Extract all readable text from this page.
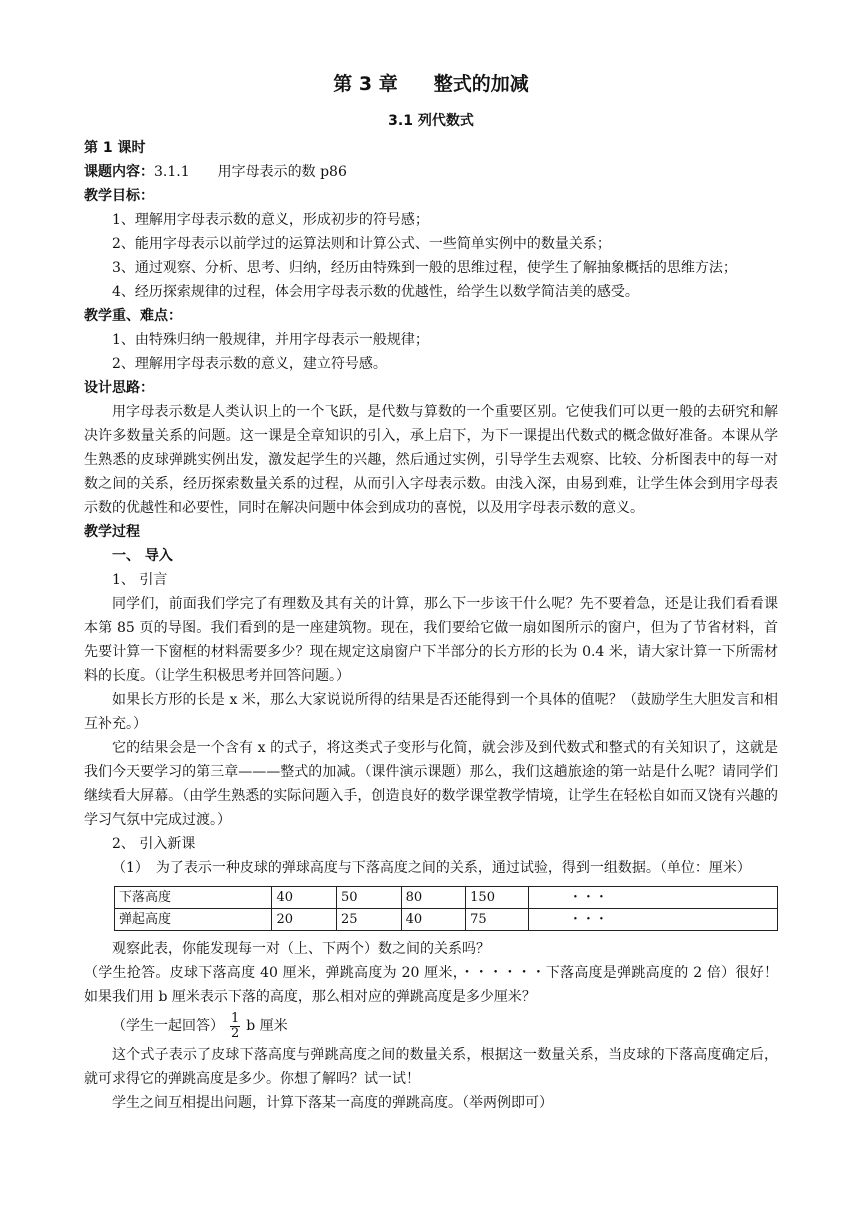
第 3 章 整式的加减
3.1 列代数式
第 1 课时
课题内容：3.1.1　　用字母表示的数 p86
教学目标：
1、理解用字母表示数的意义，形成初步的符号感；
2、能用字母表示以前学过的运算法则和计算公式、一些简单实例中的数量关系；
3、通过观察、分析、思考、归纳，经历由特殊到一般的思维过程，使学生了解抽象概括的思维方法；
4、经历探索规律的过程，体会用字母表示数的优越性，给学生以数学简洁美的感受。
教学重、难点：
1、由特殊归纳一般规律，并用字母表示一般规律；
2、理解用字母表示数的意义，建立符号感。
设计思路：

用字母表示数是人类认识上的一个飞跃，是代数与算数的一个重要区别。它使我们可以更一般的去研究和解决许多数量关系的问题。这一课是全章知识的引入，承上启下，为下一课提出代数式的概念做好准备。本课从学生熟悉的皮球弹跳实例出发，激发起学生的兴趣，然后通过实例，引导学生去观察、比较、分析图表中的每一对数之间的关系，经历探索数量关系的过程，从而引入字母表示数。由浅入深，由易到难，让学生体会到用字母表示数的优越性和必要性，同时在解决问题中体会到成功的喜悦，以及用字母表示数的意义。

教学过程
一、 导入
1、 引言

同学们，前面我们学完了有理数及其有关的计算，那么下一步该干什么呢？先不要着急，还是让我们看看课本第 85 页的导图。我们看到的是一座建筑物。现在，我们要给它做一扇如图所示的窗户，但为了节省材料，首先要计算一下窗框的材料需要多少？现在规定这扇窗户下半部分的长方形的长为 0.4 米，请大家计算一下所需材料的长度。（让学生积极思考并回答问题。）

如果长方形的长是 x 米，那么大家说说所得的结果是否还能得到一个具体的值呢？（鼓励学生大胆发言和相互补充。）

它的结果会是一个含有 x 的式子，将这类式子变形与化简，就会涉及到代数式和整式的有关知识了，这就是我们今天要学习的第三章———整式的加减。（课件演示课题）那么，我们这趟旅途的第一站是什么呢？请同学们继续看大屏幕。（由学生熟悉的实际问题入手，创造良好的数学课堂教学情境，让学生在轻松自如而又饶有兴趣的学习气氛中完成过渡。）

2、 引入新课

（1）　为了表示一种皮球的弹球高度与下落高度之间的关系，通过试验，得到一组数据。（单位：厘米）

下落高度	40	50	80	150	・・・
弹起高度	20	25	40	75	・・・
观察此表，你能发现每一对（上、下两个）数之间的关系吗？

（学生抢答。皮球下落高度 40 厘米，弹跳高度为 20 厘米，・・・・・・下落高度是弹跳高度的 2 倍）很好！如果我们用 b 厘米表示下落的高度，那么相对应的弹跳高度是多少厘米？

（学生一起回答） $\frac{1}{2}$ b 厘米

这个式子表示了皮球下落高度与弹跳高度之间的数量关系，根据这一数量关系，当皮球的下落高度确定后，就可求得它的弹跳高度是多少。你想了解吗？试一试！

学生之间互相提出问题，计算下落某一高度的弹跳高度。（举两例即可）
